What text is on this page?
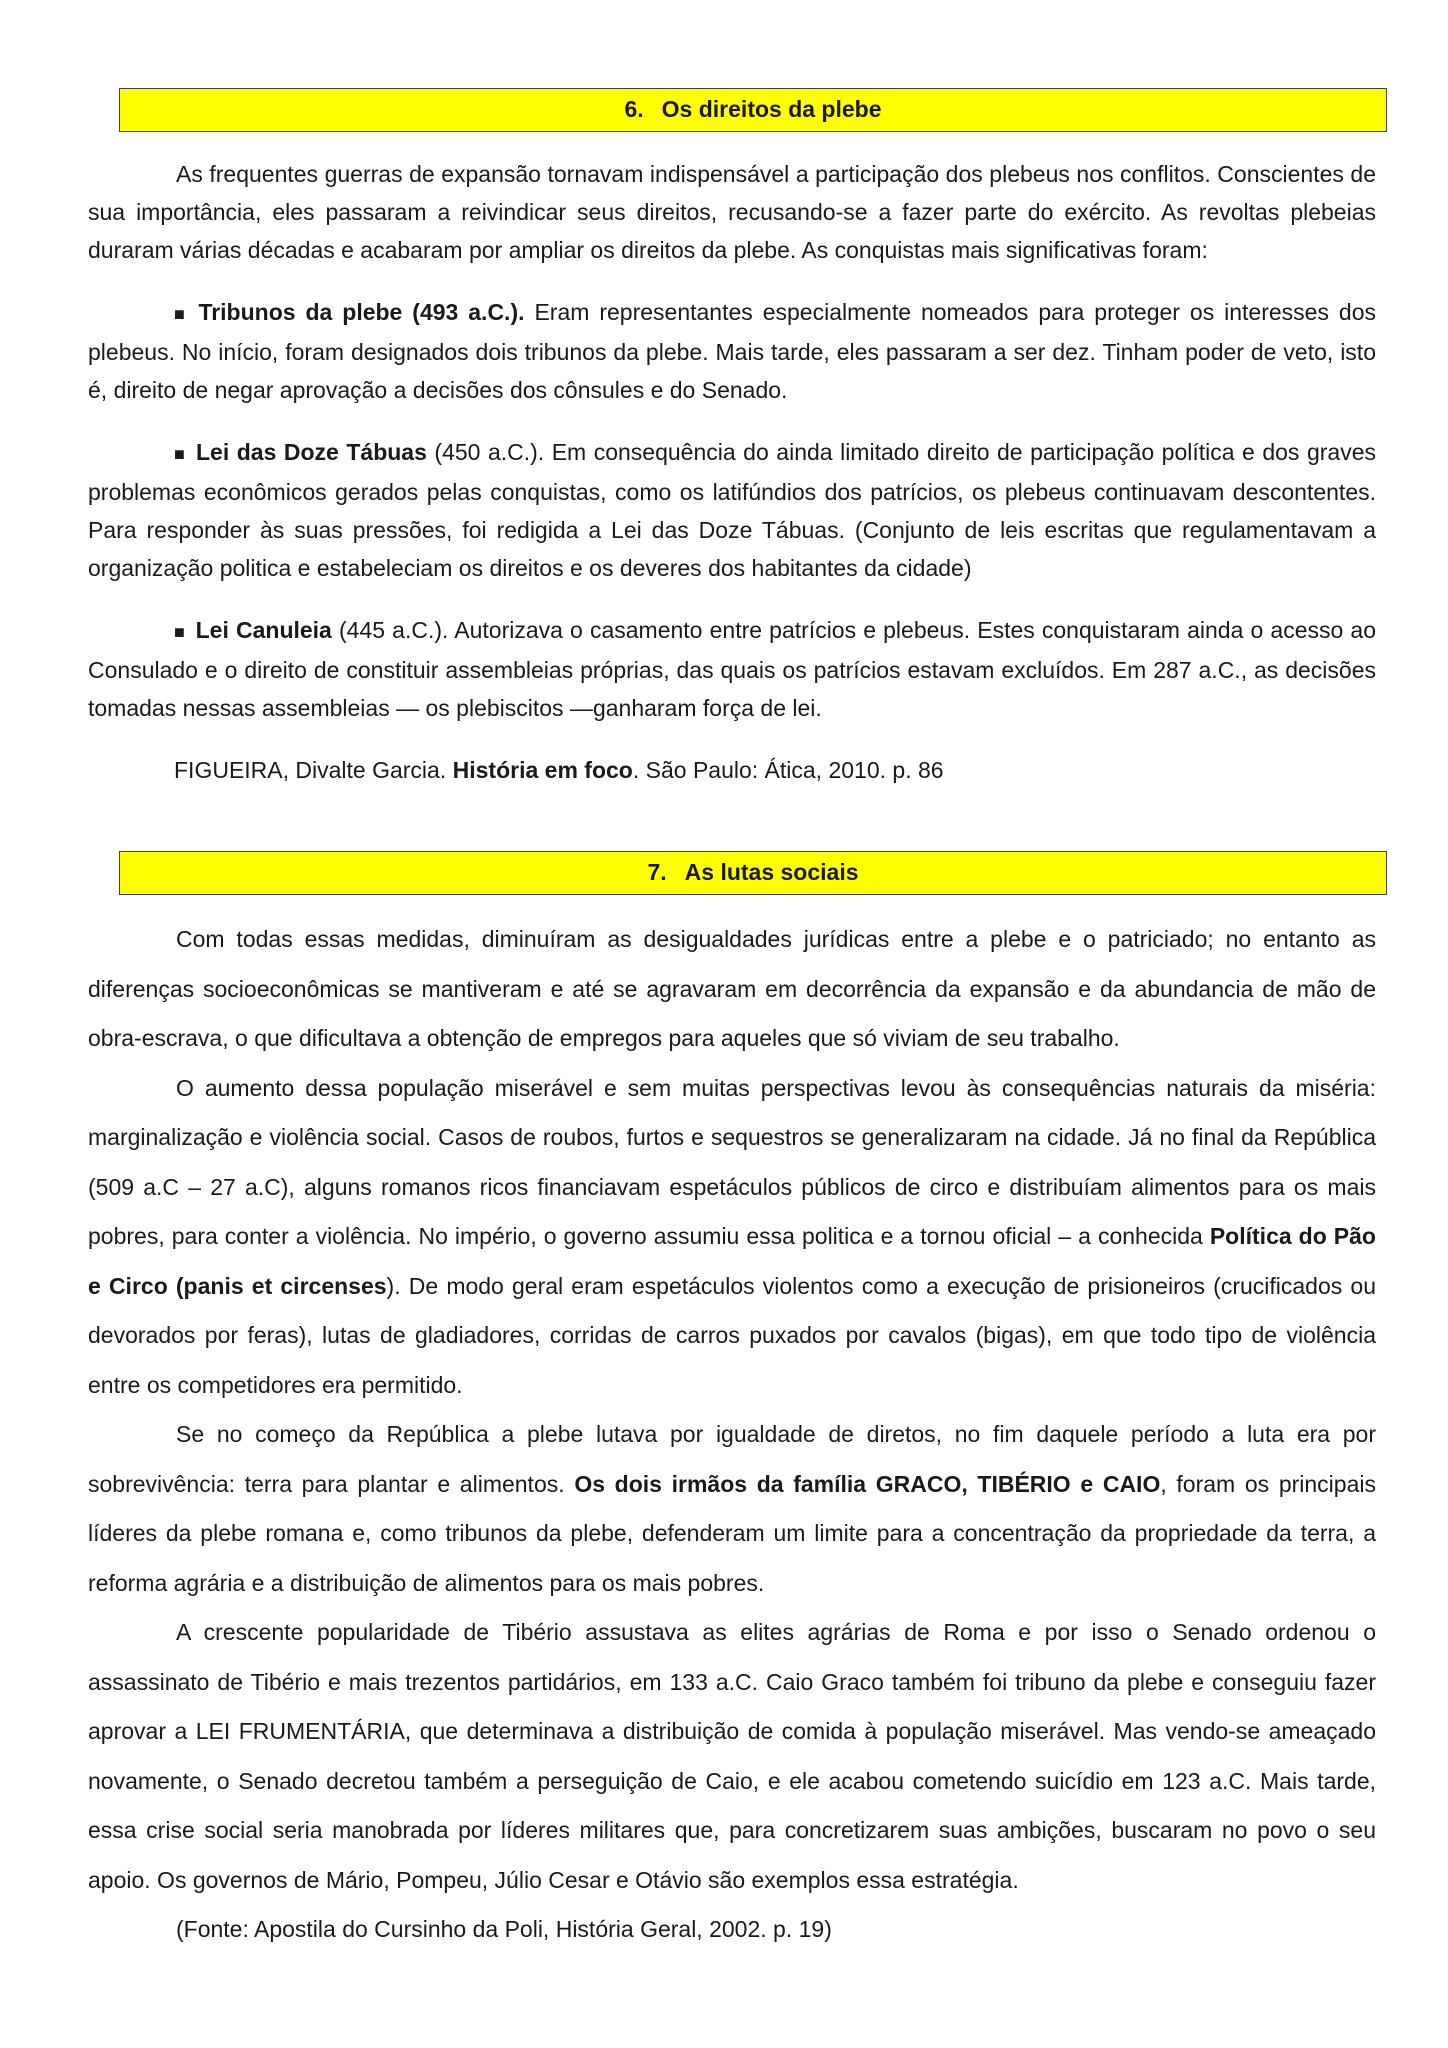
6. Os direitos da plebe

As frequentes guerras de expansão tornavam indispensável a participação dos plebeus nos conflitos. Conscientes de sua importância, eles passaram a reivindicar seus direitos, recusando-se a fazer parte do exército. As revoltas plebeias duraram várias décadas e acabaram por ampliar os direitos da plebe. As conquistas mais significativas foram:

■ Tribunos da plebe (493 a.C.). Eram representantes especialmente nomeados para proteger os interesses dos plebeus. No início, foram designados dois tribunos da plebe. Mais tarde, eles passaram a ser dez. Tinham poder de veto, isto é, direito de negar aprovação a decisões dos cônsules e do Senado.

■ Lei das Doze Tábuas (450 a.C.). Em consequência do ainda limitado direito de participação política e dos graves problemas econômicos gerados pelas conquistas, como os latifúndios dos patrícios, os plebeus continuavam descontentes. Para responder às suas pressões, foi redigida a Lei das Doze Tábuas. (Conjunto de leis escritas que regulamentavam a organização politica e estabeleciam os direitos e os deveres dos habitantes da cidade)

■ Lei Canuleia (445 a.C.). Autorizava o casamento entre patrícios e plebeus. Estes conquistaram ainda o acesso ao Consulado e o direito de constituir assembleias próprias, das quais os patrícios estavam excluídos. Em 287 a.C., as decisões tomadas nessas assembleias — os plebiscitos —ganharam força de lei.

FIGUEIRA, Divalte Garcia. História em foco. São Paulo: Ática, 2010. p. 86
7. As lutas sociais

Com todas essas medidas, diminuíram as desigualdades jurídicas entre a plebe e o patriciado; no entanto as diferenças socioeconômicas se mantiveram e até se agravaram em decorrência da expansão e da abundancia de mão de obra-escrava, o que dificultava a obtenção de empregos para aqueles que só viviam de seu trabalho.

O aumento dessa população miserável e sem muitas perspectivas levou às consequências naturais da miséria: marginalização e violência social. Casos de roubos, furtos e sequestros se generalizaram na cidade. Já no final da República (509 a.C – 27 a.C), alguns romanos ricos financiavam espetáculos públicos de circo e distribuíam alimentos para os mais pobres, para conter a violência. No império, o governo assumiu essa politica e a tornou oficial – a conhecida Política do Pão e Circo (panis et circenses). De modo geral eram espetáculos violentos como a execução de prisioneiros (crucificados ou devorados por feras), lutas de gladiadores, corridas de carros puxados por cavalos (bigas), em que todo tipo de violência entre os competidores era permitido.

Se no começo da República a plebe lutava por igualdade de diretos, no fim daquele período a luta era por sobrevivência: terra para plantar e alimentos. Os dois irmãos da família GRACO, TIBÉRIO e CAIO, foram os principais líderes da plebe romana e, como tribunos da plebe, defenderam um limite para a concentração da propriedade da terra, a reforma agrária e a distribuição de alimentos para os mais pobres.

A crescente popularidade de Tibério assustava as elites agrárias de Roma e por isso o Senado ordenou o assassinato de Tibério e mais trezentos partidários, em 133 a.C. Caio Graco também foi tribuno da plebe e conseguiu fazer aprovar a LEI FRUMENTÁRIA, que determinava a distribuição de comida à população miserável. Mas vendo-se ameaçado novamente, o Senado decretou também a perseguição de Caio, e ele acabou cometendo suicídio em 123 a.C. Mais tarde, essa crise social seria manobrada por líderes militares que, para concretizarem suas ambições, buscaram no povo o seu apoio. Os governos de Mário, Pompeu, Júlio Cesar e Otávio são exemplos essa estratégia.

(Fonte: Apostila do Cursinho da Poli, História Geral, 2002. p. 19)
